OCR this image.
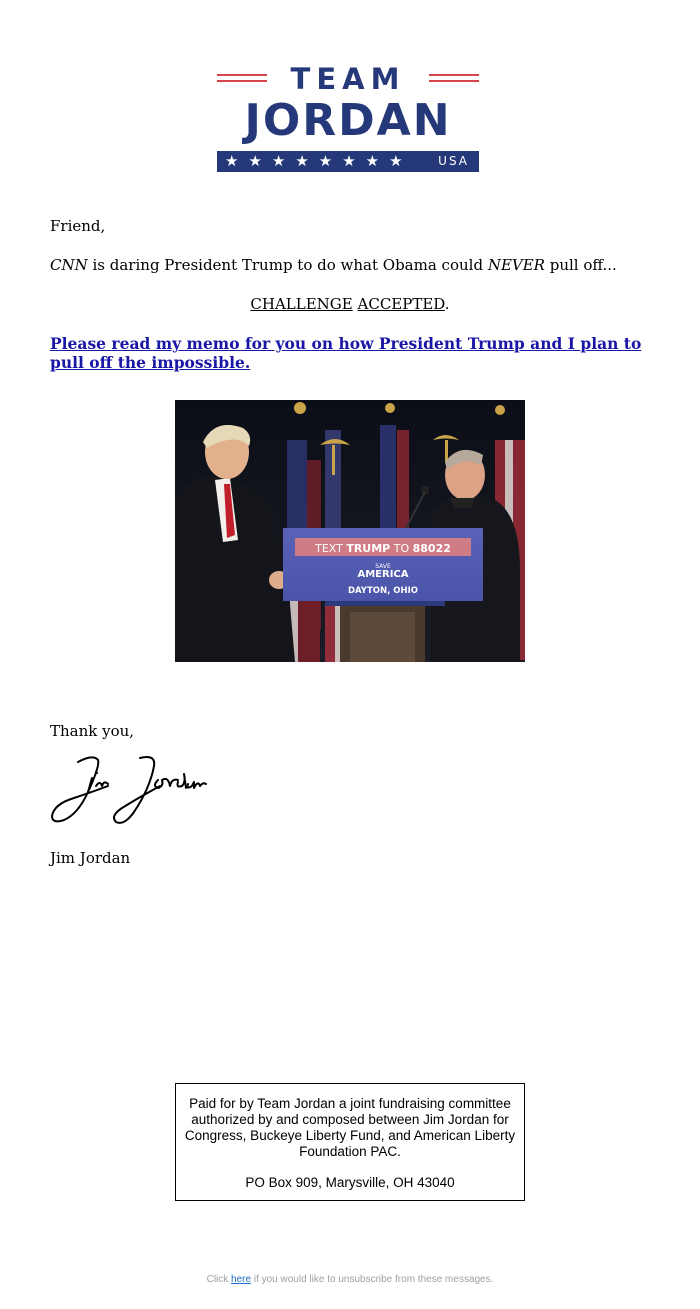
TEAM
JORDAN
★★★★★★★★ USA
Friend,
CNN is daring President Trump to do what Obama could NEVER pull off...
CHALLENGE ACCEPTED.
Please read my memo for you on how President Trump and I plan to pull off the impossible.
TEXT TRUMP TO 88022
SAVE
AMERICA
DAYTON, OHIO
Thank you,
Jim Jordan
Paid for by Team Jordan a joint fundraising committee authorized by and composed between Jim Jordan for Congress, Buckeye Liberty Fund, and American Liberty Foundation PAC.
PO Box 909, Marysville, OH 43040
Click here if you would like to unsubscribe from these messages.
